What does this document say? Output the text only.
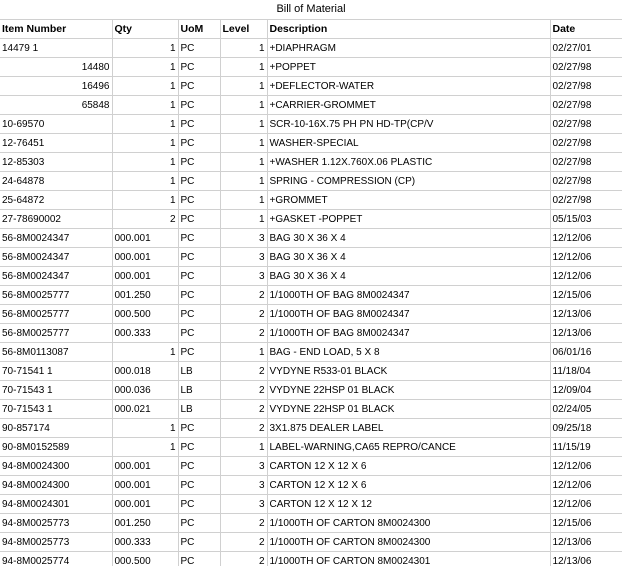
Bill of Material
Item Number	Qty	UoM	Level	Description	Date
14479 1	1	PC	1	+DIAPHRAGM	02/27/01
14480	1	PC	1	+POPPET	02/27/98
16496	1	PC	1	+DEFLECTOR-WATER	02/27/98
65848	1	PC	1	+CARRIER-GROMMET	02/27/98
10-69570	1	PC	1	SCR-10-16X.75 PH PN HD-TP(CP/V	02/27/98
12-76451	1	PC	1	WASHER-SPECIAL	02/27/98
12-85303	1	PC	1	+WASHER 1.12X.760X.06 PLASTIC	02/27/98
24-64878	1	PC	1	SPRING - COMPRESSION (CP)	02/27/98
25-64872	1	PC	1	+GROMMET	02/27/98
27-78690002	2	PC	1	+GASKET -POPPET	05/15/03
56-8M0024347	000.001	PC	3	BAG 30 X 36 X 4	12/12/06
56-8M0024347	000.001	PC	3	BAG 30 X 36 X 4	12/12/06
56-8M0024347	000.001	PC	3	BAG 30 X 36 X 4	12/12/06
56-8M0025777	001.250	PC	2	1/1000TH OF BAG 8M0024347	12/15/06
56-8M0025777	000.500	PC	2	1/1000TH OF BAG 8M0024347	12/13/06
56-8M0025777	000.333	PC	2	1/1000TH OF BAG 8M0024347	12/13/06
56-8M0113087	1	PC	1	BAG - END LOAD, 5 X 8	06/01/16
70-71541 1	000.018	LB	2	VYDYNE R533-01 BLACK	11/18/04
70-71543 1	000.036	LB	2	VYDYNE 22HSP 01 BLACK	12/09/04
70-71543 1	000.021	LB	2	VYDYNE 22HSP 01 BLACK	02/24/05
90-857174	1	PC	2	3X1.875 DEALER LABEL	09/25/18
90-8M0152589	1	PC	1	LABEL-WARNING,CA65 REPRO/CANCE	11/15/19
94-8M0024300	000.001	PC	3	CARTON 12 X 12 X 6	12/12/06
94-8M0024300	000.001	PC	3	CARTON 12 X 12 X 6	12/12/06
94-8M0024301	000.001	PC	3	CARTON 12 X 12 X 12	12/12/06
94-8M0025773	001.250	PC	2	1/1000TH OF CARTON 8M0024300	12/15/06
94-8M0025773	000.333	PC	2	1/1000TH OF CARTON 8M0024300	12/13/06
94-8M0025774	000.500	PC	2	1/1000TH OF CARTON 8M0024301	12/13/06
